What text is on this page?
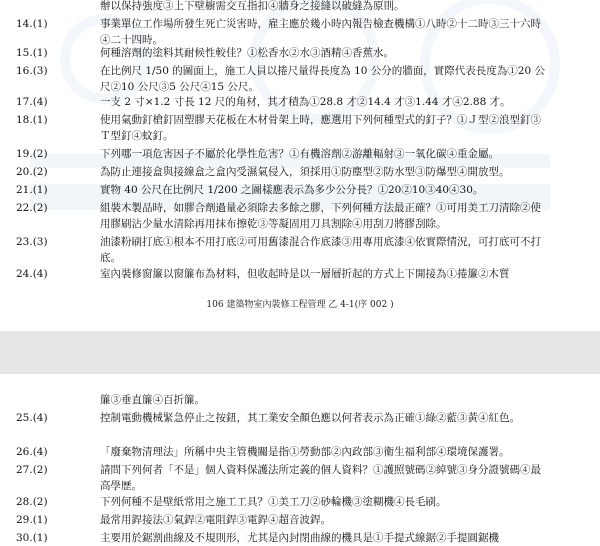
辦以保持強度③上下壁櫥需交互指扣④牆身之接縫以破縫為原則。
14.(1)	事業單位工作場所發生死亡災害時，雇主應於幾小時內報告檢查機構①八時②十二時③三十六時④二十四時。
15.(1)	何種溶劑的塗料其耐候性較佳？①松香水②水③酒精④香蕉水。
16.(3)	在比例尺 1/50 的圖面上，施工人員以捲尺量得長度為 10 公分的牆面，實際代表長度為①20 公尺②10 公尺③5 公尺④15 公尺。
17.(4)	一支 2 寸×1.2 寸長 12 尺的角材，其才積為①28.8 才②14.4 才③1.44 才④2.88 才。
18.(1)	使用氣動釘槍釘固塑膠天花板在木材骨架上時，應選用下列何種型式的釘子？①Ｊ型②浪型釘③Ｔ型釘④蚊釘。
19.(2)	下列哪一項危害因子不屬於化學性危害？①有機溶劑②游離輻射③一氧化碳④重金屬。
20.(2)	為防止連接盒與接線盒之盒內受濕氣侵入，須採用①防塵型②防水型③防爆型④開放型。
21.(1)	實物 40 公尺在比例尺 1/200 之圖樣應表示為多少公分長？①20②10③40④30。
22.(2)	組裝木製品時，如膠合劑過量必須除去多餘之膠，下列何種方法最正確？①可用美工刀清除②使用膠刷沾少量水清除再用抹布擦乾③等凝固用刀具割除④用刮刀將膠刮除。
23.(3)	油漆粉刷打底①根本不用打底②可用舊漆混合作底漆③用專用底漆④依實際情況，可打底可不打底。
24.(4)	室內裝修窗簾以窗簾布為材料，但收起時是以一層層折起的方式上下開接為①捲簾②木質
106 建築物室內裝修工程管理 乙 4-1(序 002 )
簾③垂直簾④百折簾。
25.(4)	控制電動機械緊急停止之按鈕，其工業安全顏色應以何者表示為正確①綠②藍③黃④紅色。
26.(4)	「廢棄物清理法」所稱中央主管機關是指①勞動部②內政部③衛生福利部④環境保護署。
27.(2)	請問下列何者「不是」個人資料保護法所定義的個人資料？①護照號碼②綽號③身分證號碼④最高學歷。
28.(2)	下列何種不是壁紙常用之施工工具？①美工刀②砂輪機③塗糊機④長毛刷。
29.(1)	最常用銲接法①氣銲②電阻銲③電銲④超音波銲。
30.(1)	主要用於鋸割曲線及不規則形，尤其是內封閉曲線的機具是①手提式線鋸②手提圓鋸機
